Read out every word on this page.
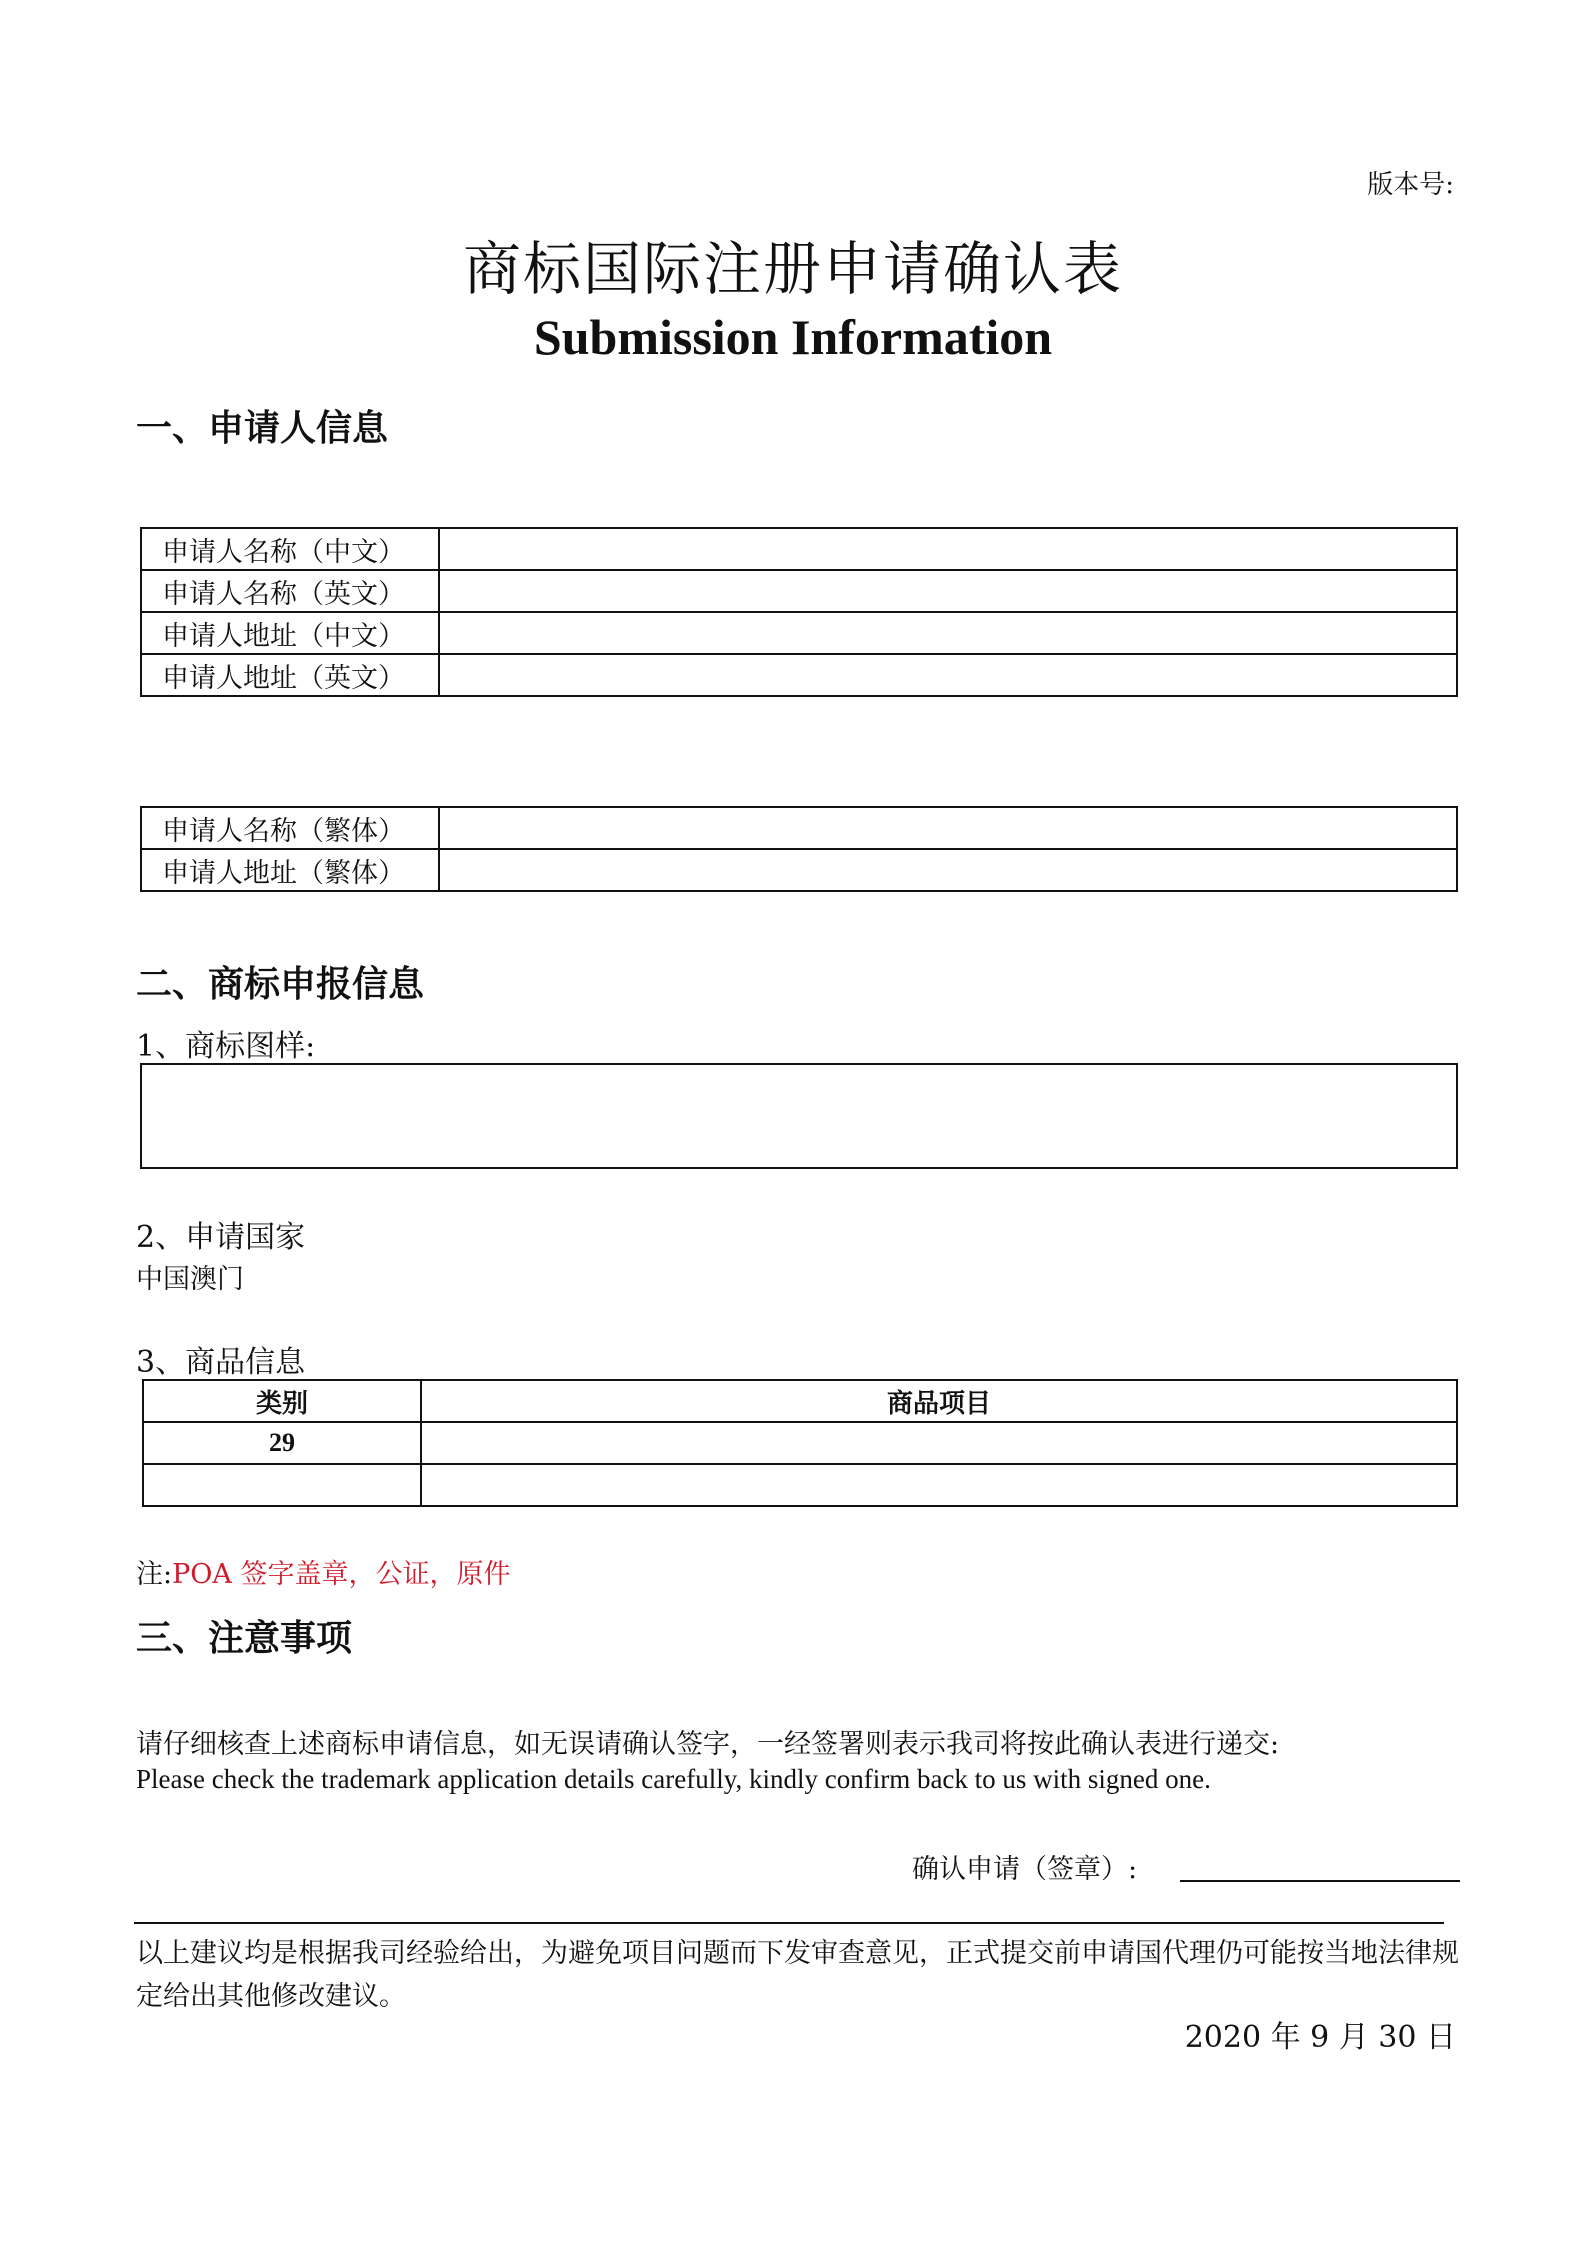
版本号:
商标国际注册申请确认表
Submission Information
一、申请人信息
申请人名称（中文）	
申请人名称（英文）	
申请人地址（中文）	
申请人地址（英文）	
申请人名称（繁体）	
申请人地址（繁体）	
二、商标申报信息
1、商标图样:
2、申请国家
中国澳门
3、商品信息
类别	商品项目
29	

注:POA 签字盖章，公证，原件
三、注意事项
请仔细核查上述商标申请信息，如无误请确认签字，一经签署则表示我司将按此确认表进行递交:
Please check the trademark application details carefully, kindly confirm back to us with signed one.
确认申请（签章）:
以上建议均是根据我司经验给出，为避免项目问题而下发审查意见，正式提交前申请国代理仍可能按当地法律规定给出其他修改建议。
2020 年 9 月 30 日
